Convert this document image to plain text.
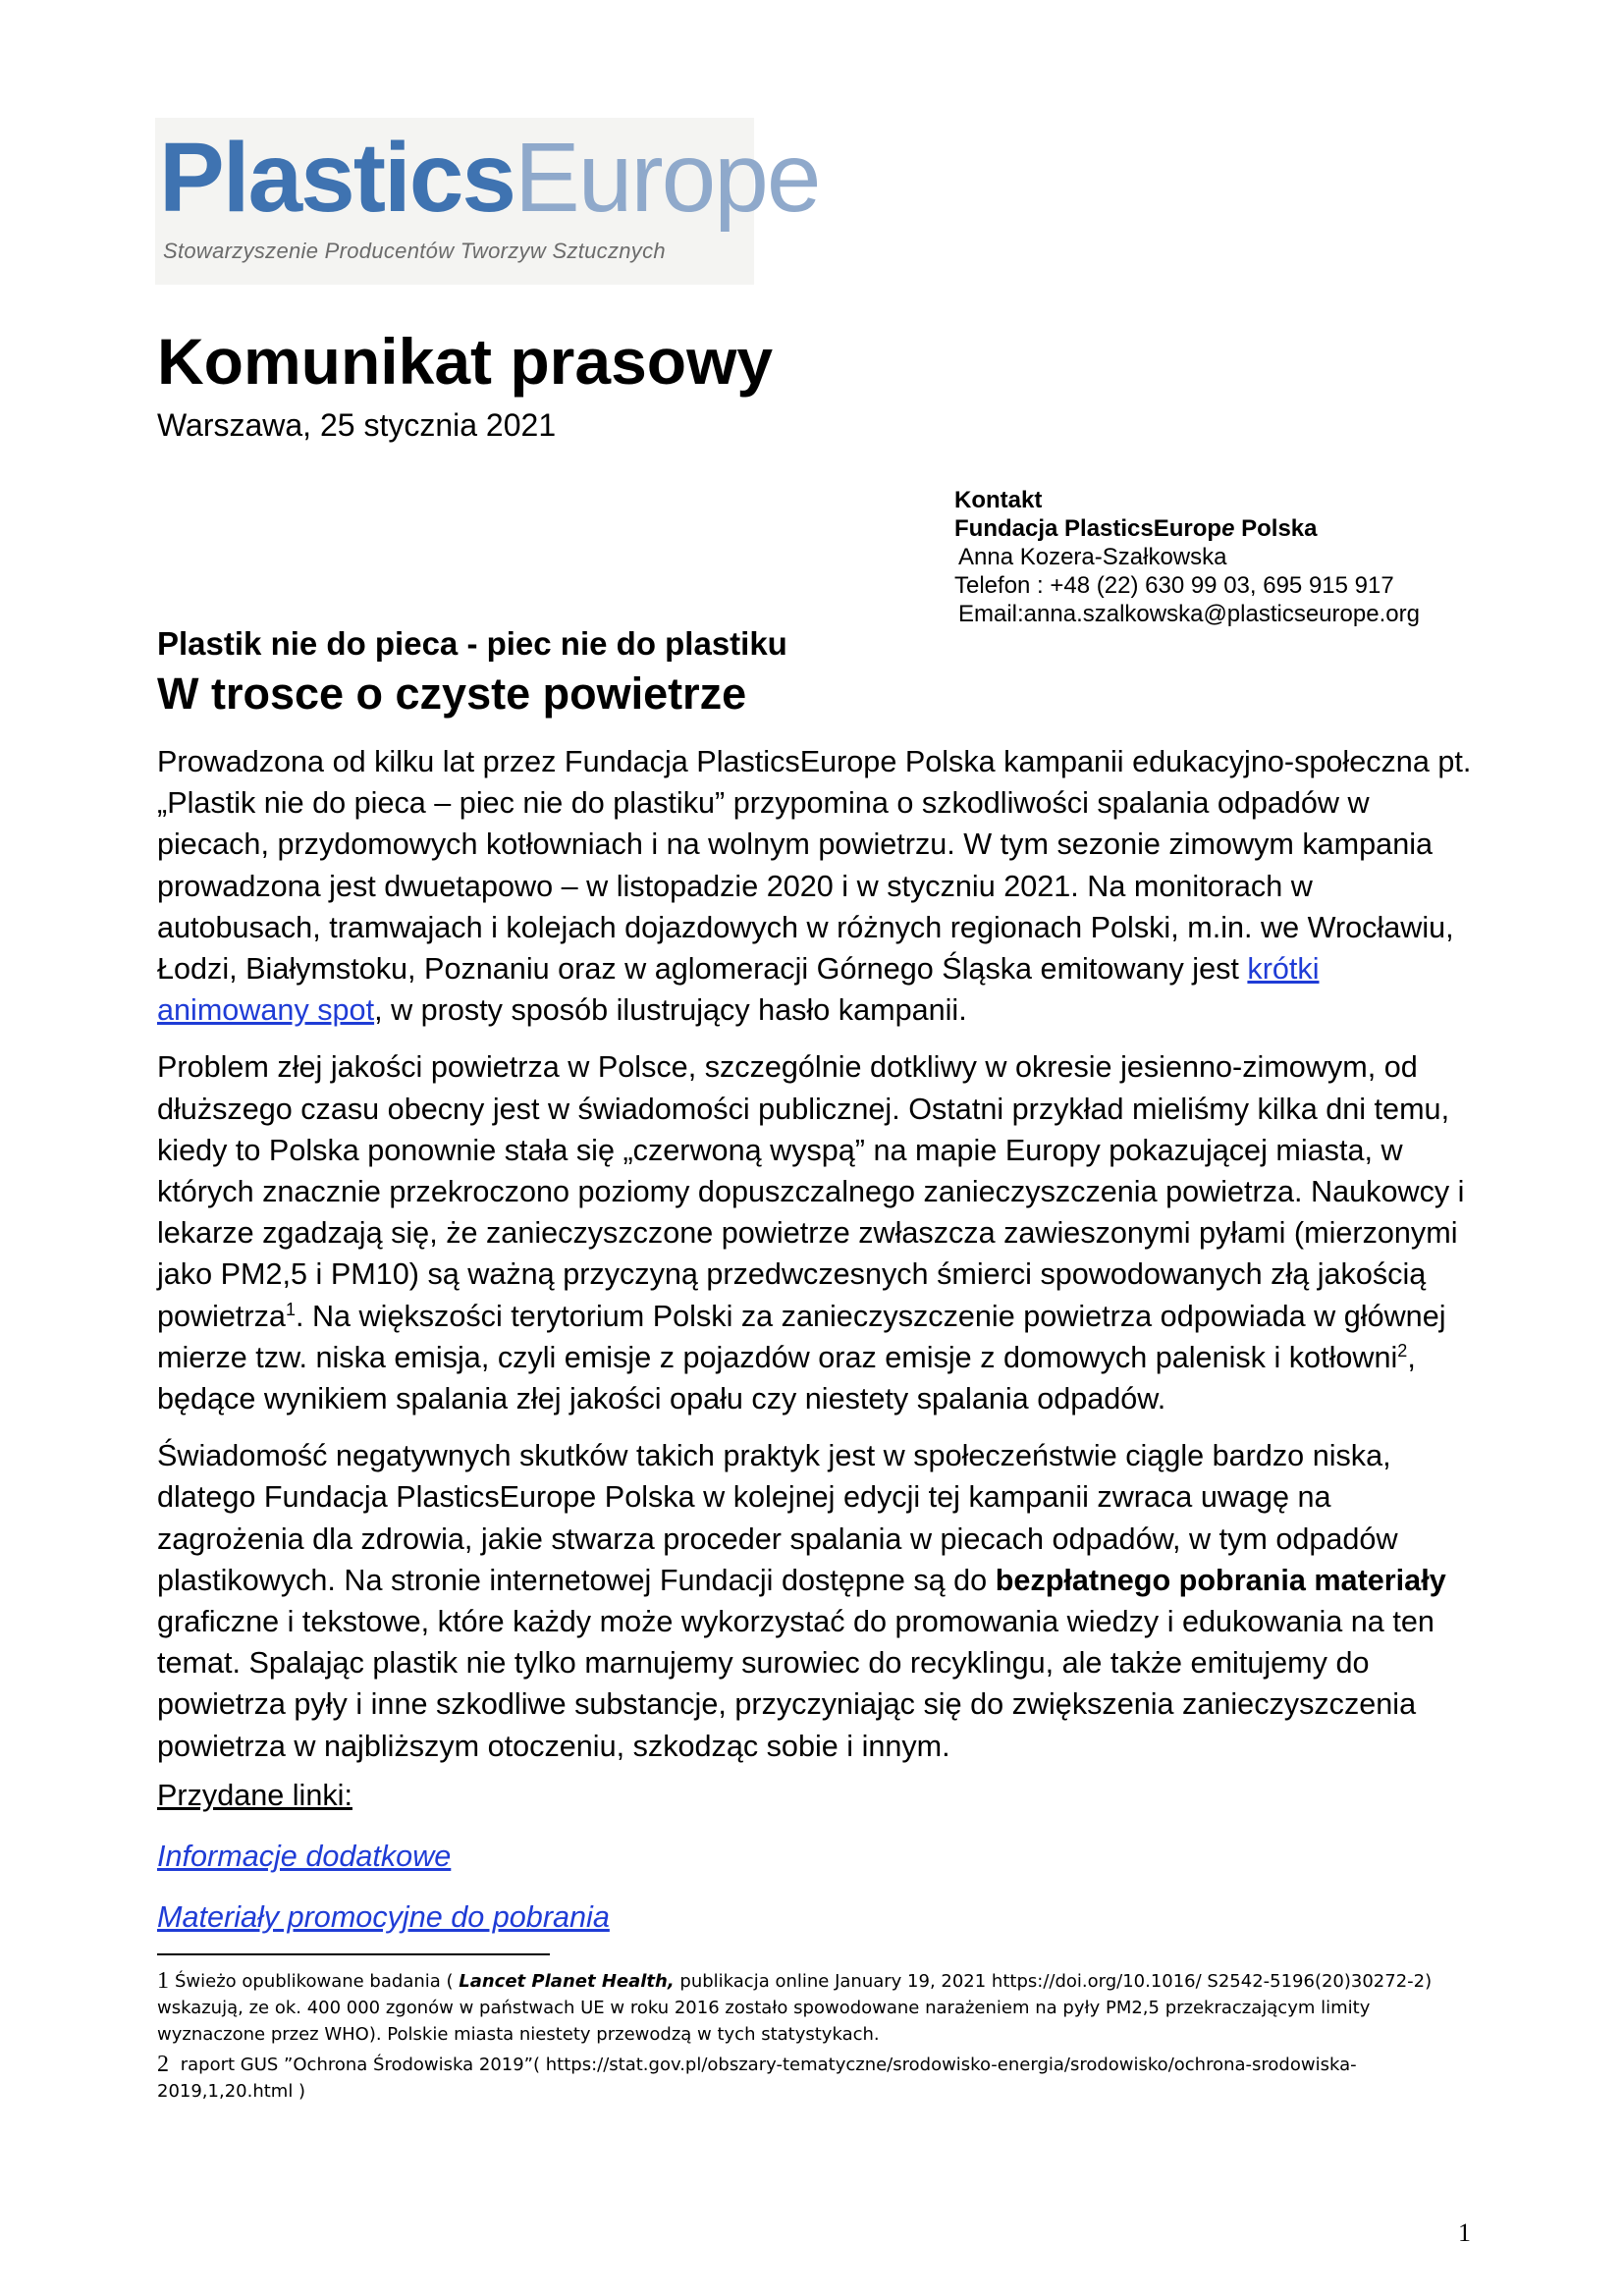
PlasticsEurope
Stowarzyszenie Producentów Tworzyw Sztucznych
Komunikat prasowy
Warszawa, 25 stycznia 2021
Kontakt
Fundacja PlasticsEurope Polska
Anna Kozera-Szałkowska
Telefon : +48 (22) 630 99 03, 695 915 917
Email:anna.szalkowska@plasticseurope.org
Plastik nie do pieca - piec nie do plastiku
W trosce o czyste powietrze

Prowadzona od kilku lat przez Fundacja PlasticsEurope Polska kampanii edukacyjno-społeczna pt. „Plastik nie do pieca – piec nie do plastiku” przypomina o szkodliwości spalania odpadów w piecach, przydomowych kotłowniach i na wolnym powietrzu. W tym sezonie zimowym kampania prowadzona jest dwuetapowo – w listopadzie 2020 i w styczniu 2021. Na monitorach w autobusach, tramwajach i kolejach dojazdowych w różnych regionach Polski, m.in. we Wrocławiu, Łodzi, Białymstoku, Poznaniu oraz w aglomeracji Górnego Śląska emitowany jest krótki animowany spot, w prosty sposób ilustrujący hasło kampanii.

Problem złej jakości powietrza w Polsce, szczególnie dotkliwy w okresie jesienno-zimowym, od dłuższego czasu obecny jest w świadomości publicznej. Ostatni przykład mieliśmy kilka dni temu, kiedy to Polska ponownie stała się „czerwoną wyspą” na mapie Europy pokazującej miasta, w których znacznie przekroczono poziomy dopuszczalnego zanieczyszczenia powietrza. Naukowcy i lekarze zgadzają się, że zanieczyszczone powietrze zwłaszcza zawieszonymi pyłami (mierzonymi jako PM2,5 i PM10) są ważną przyczyną przedwczesnych śmierci spowodowanych złą jakością powietrza$^1$. Na większości terytorium Polski za zanieczyszczenie powietrza odpowiada w głównej mierze tzw. niska emisja, czyli emisje z pojazdów oraz emisje z domowych palenisk i kotłowni$^2$, będące wynikiem spalania złej jakości opału czy niestety spalania odpadów.

Świadomość negatywnych skutków takich praktyk jest w społeczeństwie ciągle bardzo niska, dlatego Fundacja PlasticsEurope Polska w kolejnej edycji tej kampanii zwraca uwagę na zagrożenia dla zdrowia, jakie stwarza proceder spalania w piecach odpadów, w tym odpadów plastikowych. Na stronie internetowej Fundacji dostępne są do bezpłatnego pobrania materiały graficzne i tekstowe, które każdy może wykorzystać do promowania wiedzy i edukowania na ten temat. Spalając plastik nie tylko marnujemy surowiec do recyklingu, ale także emitujemy do powietrza pyły i inne szkodliwe substancje, przyczyniając się do zwiększenia zanieczyszczenia powietrza w najbliższym otoczeniu, szkodząc sobie i innym.

Przydane linki:
Informacje dodatkowe
Materiały promocyjne do pobrania

1 Świeżo opublikowane badania ( Lancet Planet Health, publikacja online January 19, 2021 https://doi.org/10.1016/ S2542-5196(20)30272-2) wskazują, ze ok. 400 000 zgonów w państwach UE w roku 2016 zostało spowodowane narażeniem na pyły PM2,5 przekraczającym limity wyznaczone przez WHO). Polskie miasta niestety przewodzą w tych statystykach.

2 raport GUS ”Ochrona Środowiska 2019”( https://stat.gov.pl/obszary-tematyczne/srodowisko-energia/srodowisko/ochrona-srodowiska-2019,1,20.html )

1
